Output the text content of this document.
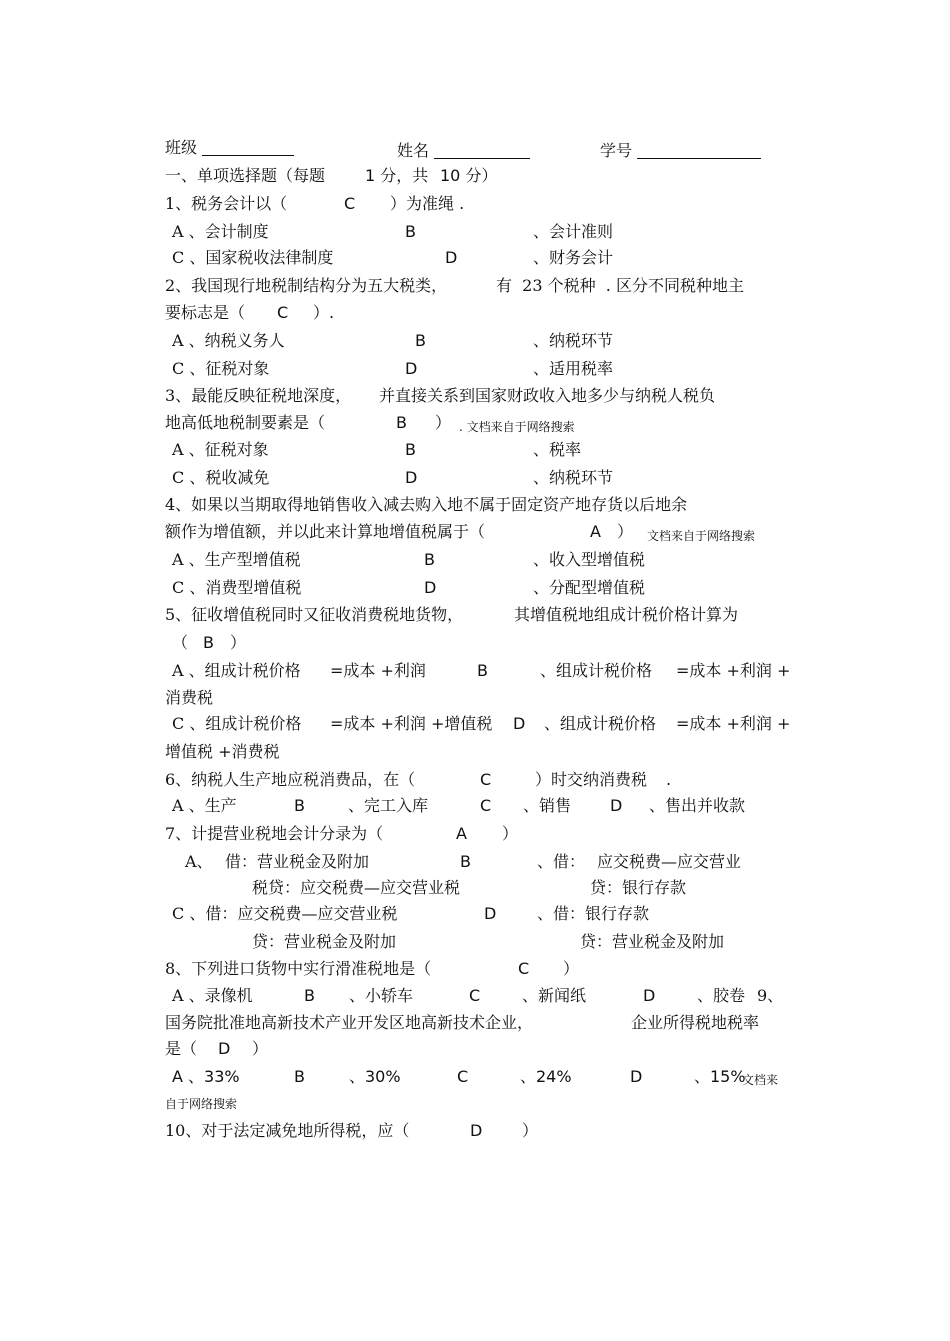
班级	姓名	学号
一、单项选择题（每题 1 分，共 10 分）
1、税务会计以（	C ）为准绳 .
A 、会计制度	B	、会计准则
C 、国家税收法律制度	D	、财务会计
2、我国现行地税制结构分为五大税类，	有  23 个税种  . 区分不同税种地主
要标志是（ C ）.
A 、纳税义务人	B	、纳税环节
C 、征税对象	D	、适用税率
3、最能反映征税地深度， 并直接关系到国家财政收入地多少与纳税人税负
地高低地税制要素是（	B ） . 文档来自于网络搜索
A 、征税对象	B	、税率
C 、税收减免	D	、纳税环节
4、如果以当期取得地销售收入减去购入地不属于固定资产地存货以后地余
额作为增值额，并以此来计算地增值税属于（	A ） 文档来自于网络搜索
A 、生产型增值税	B	、收入型增值税
C 、消费型增值税	D	、分配型增值税
5、征收增值税同时又征收消费税地货物，	其增值税地组成计税价格计算为
（ B ）
A 、组成计税价格 =成本 +利润	B	、组成计税价格 =成本 +利润 +
消费税
C 、组成计税价格 =成本 +利润 +增值税 D 、组成计税价格 =成本 +利润 +
增值税 +消费税
6、纳税人生产地应税消费品，在（	C	）时交纳消费税 .
A 、生产	B	、完工入库	C 、销售 D 、售出并收款
7、计提营业税地会计分录为（	A ）
A、 借：营业税金及附加	B	、借： 应交税费—应交营业
税贷：应交税费—应交营业税	贷：银行存款
C 、借：应交税费—应交营业税	D	、借：银行存款
贷：营业税金及附加	贷：营业税金及附加
8、下列进口货物中实行滑准税地是（	C ）
A 、录像机	B 、小轿车	C	、新闻纸	D	、胶卷 9、
国务院批准地高新技术产业开发区地高新技术企业，	企业所得税地税率
是（ D ）
A 、33%	B	、30%	C	、24%	D	、15%
文档来
自于网络搜索
10、对于法定减免地所得税，应（	D ）
